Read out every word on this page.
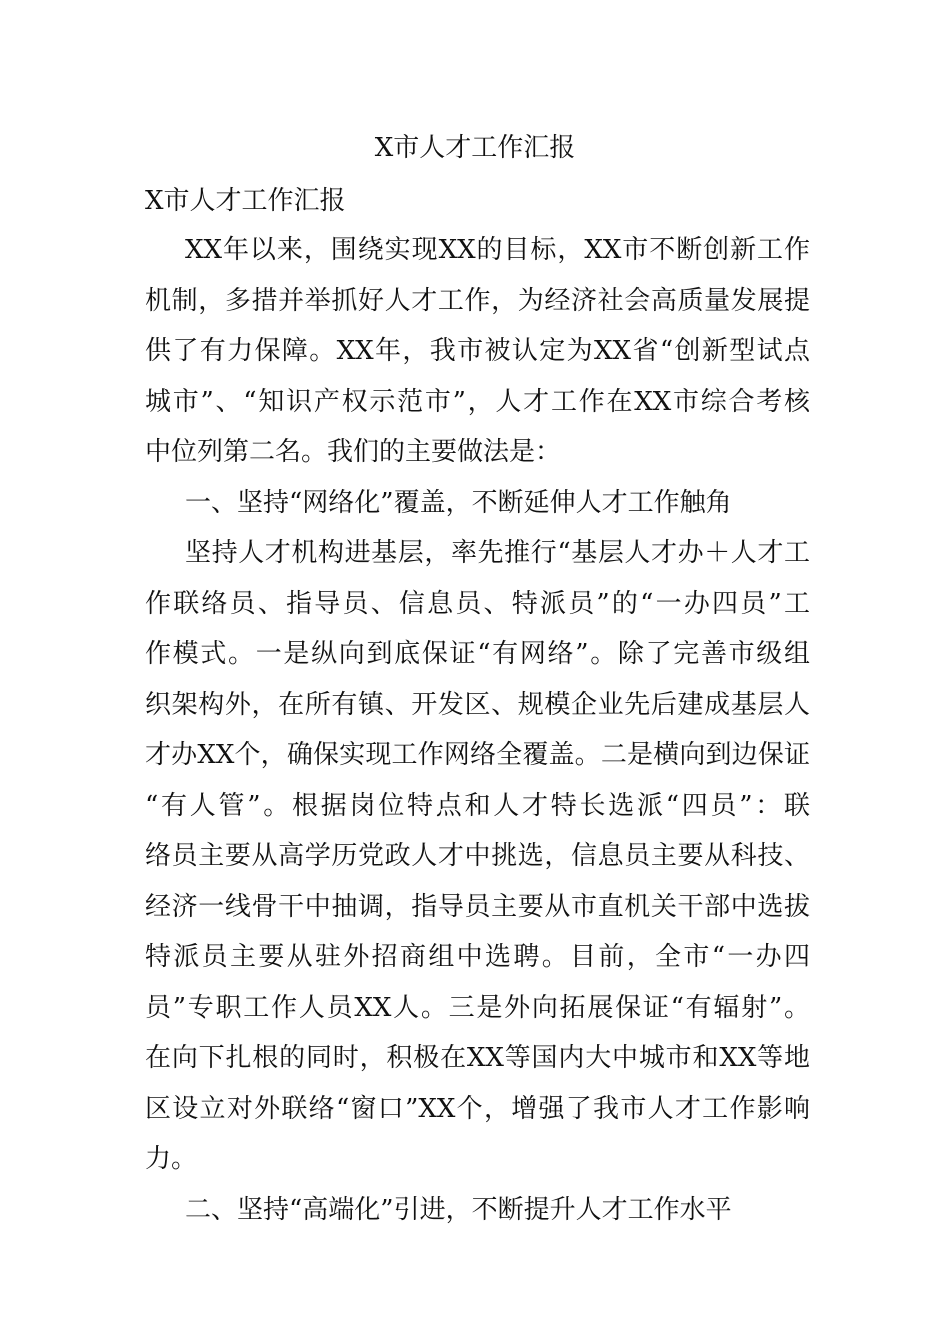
X市人才工作汇报

X市人才工作汇报

XX年以来，围绕实现XX的目标，XX市不断创新工作
机制，多措并举抓好人才工作，为经济社会高质量发展提
供了有力保障。XX年，我市被认定为XX省“创新型试点
城市”、“知识产权示范市”，人才工作在XX市综合考核
中位列第二名。我们的主要做法是：
一、坚持“网络化”覆盖，不断延伸人才工作触角
坚持人才机构进基层，率先推行“基层人才办＋人才工
作联络员、指导员、信息员、特派员”的“一办四员”工
作模式。一是纵向到底保证“有网络”。除了完善市级组
织架构外，在所有镇、开发区、规模企业先后建成基层人
才办XX个，确保实现工作网络全覆盖。二是横向到边保证
“有人管”。根据岗位特点和人才特长选派“四员”：联
络员主要从高学历党政人才中挑选，信息员主要从科技、
经济一线骨干中抽调，指导员主要从市直机关干部中选拔
特派员主要从驻外招商组中选聘。目前，全市“一办四
员”专职工作人员XX人。三是外向拓展保证“有辐射”。
在向下扎根的同时，积极在XX等国内大中城市和XX等地
区设立对外联络“窗口”XX个，增强了我市人才工作影响
力。
二、坚持“高端化”引进，不断提升人才工作水平
